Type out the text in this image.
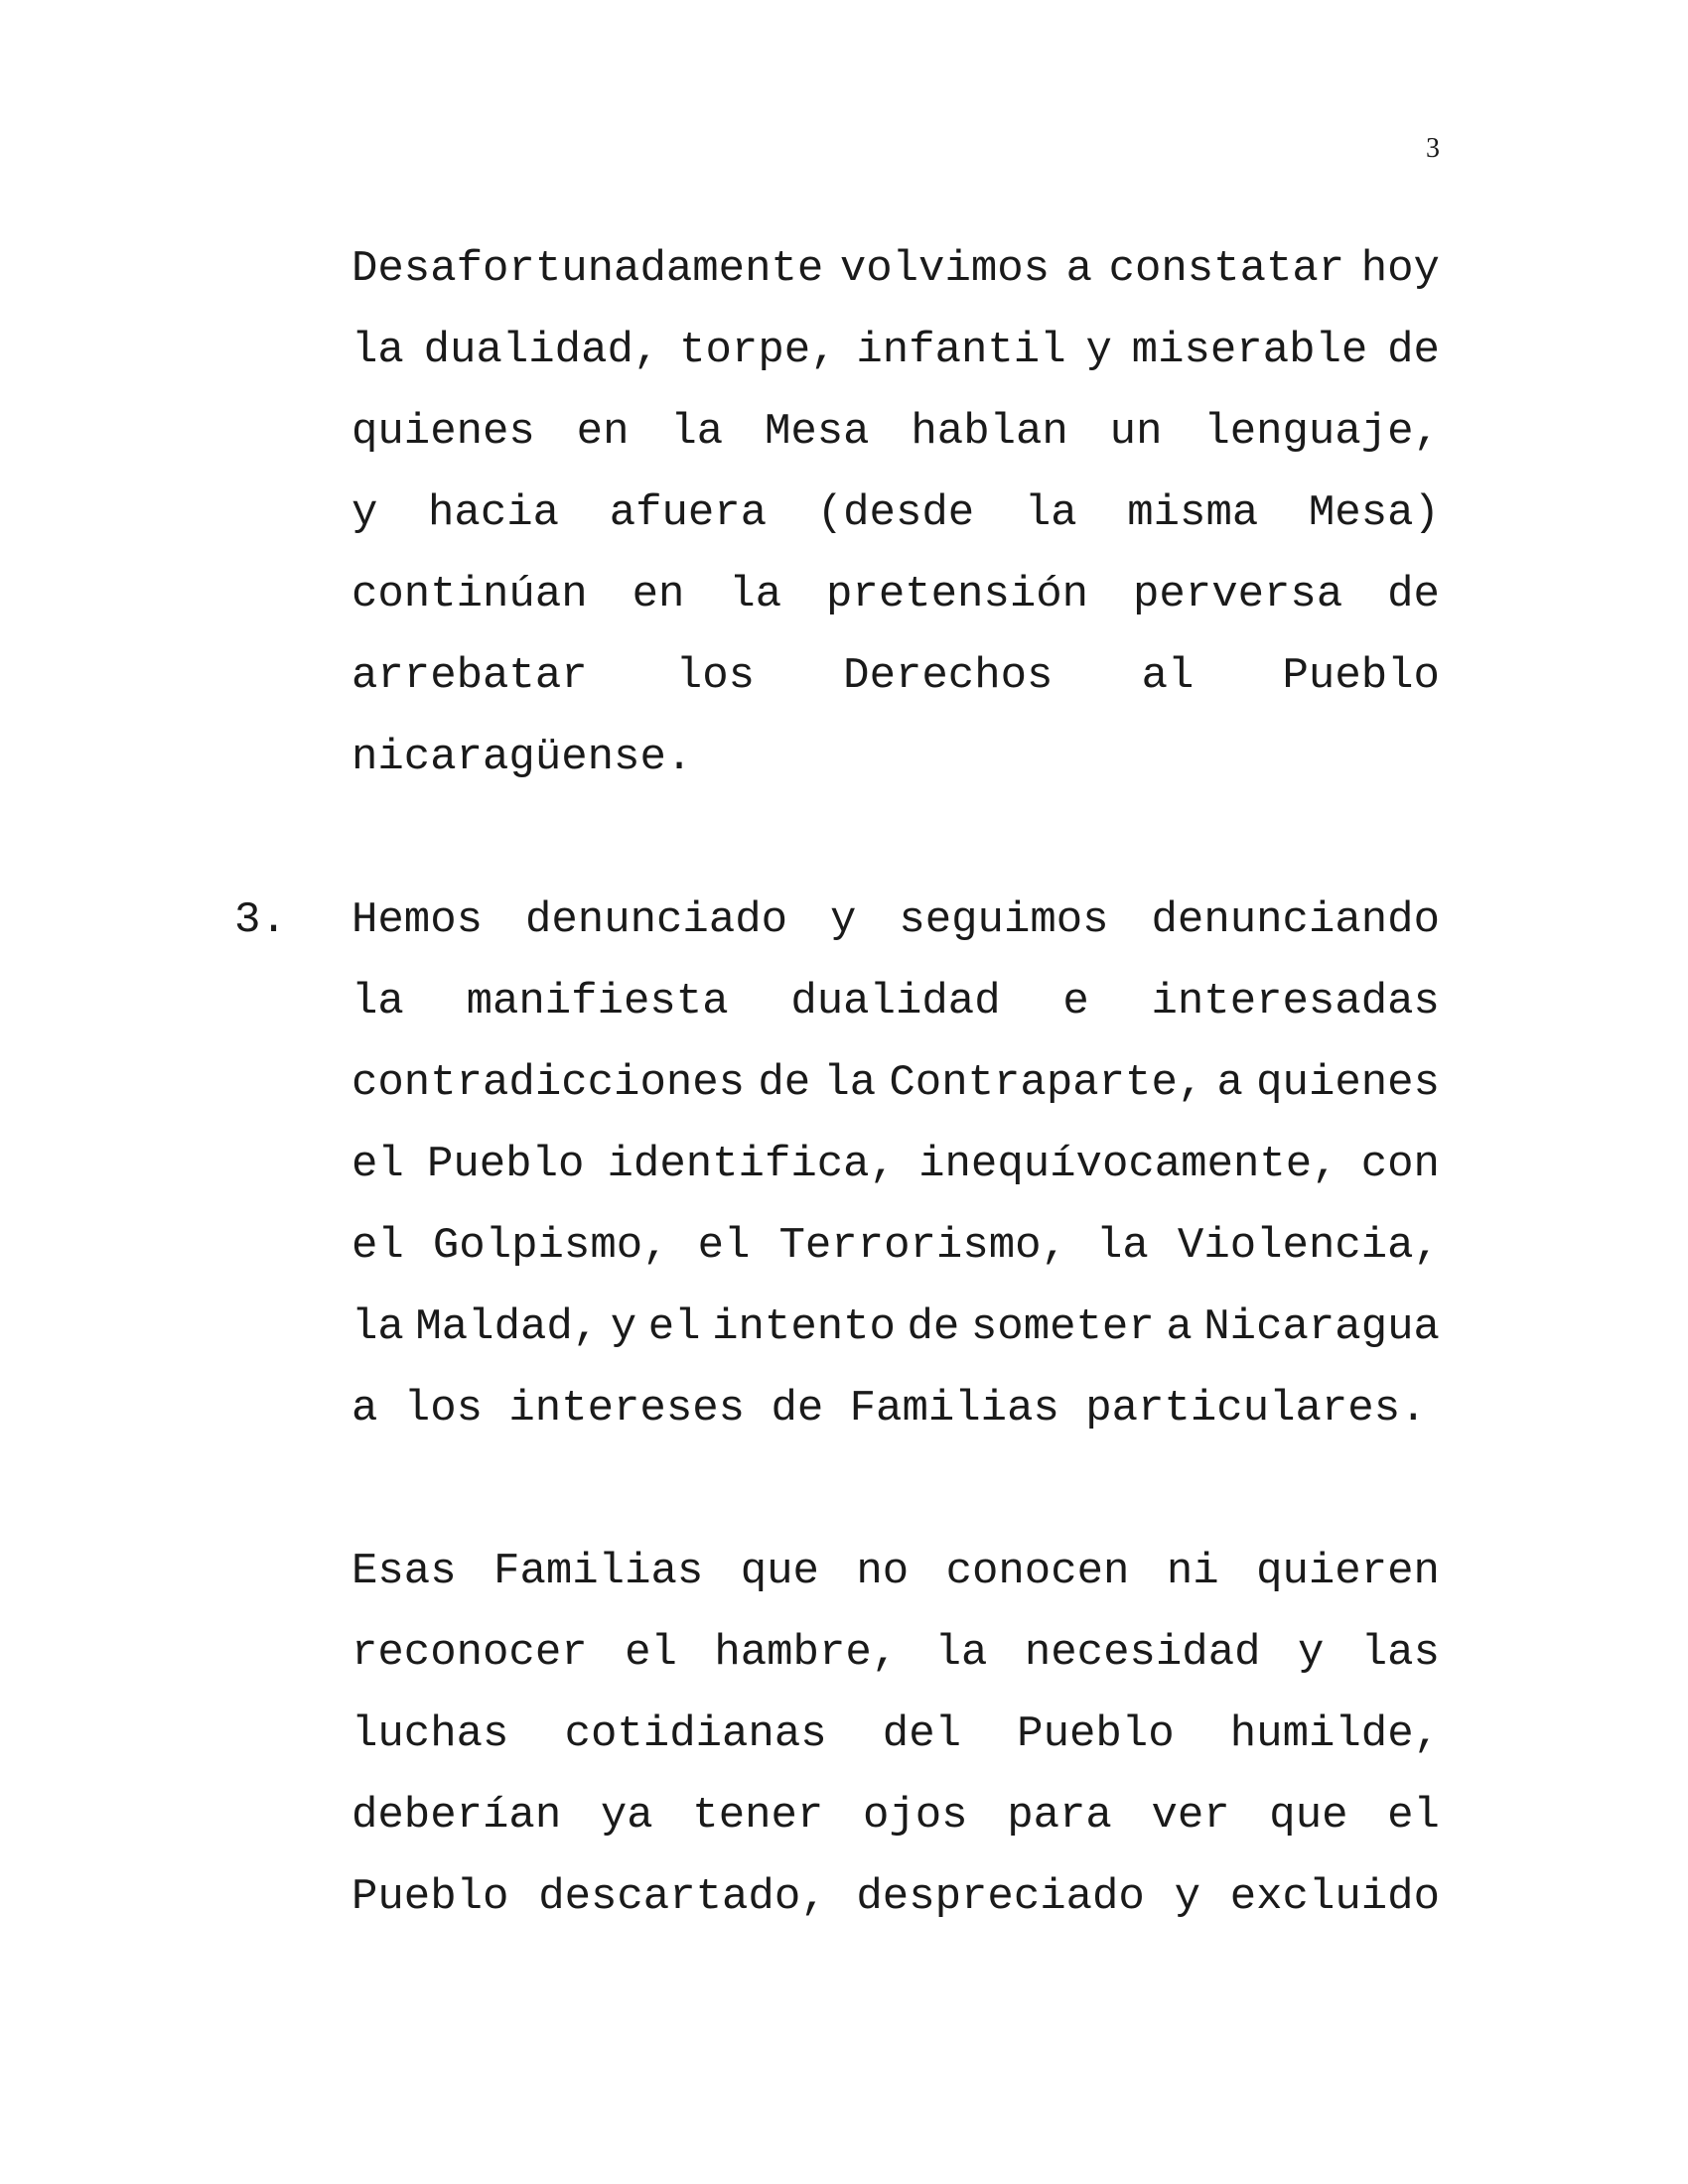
3
Desafortunadamente volvimos a constatar hoy
la dualidad, torpe, infantil y miserable de
quienes en la Mesa hablan un lenguaje,
y hacia afuera (desde la misma Mesa)
continúan en la pretensión perversa de
arrebatar los Derechos al Pueblo
nicaragüense.
3. Hemos denunciado y seguimos denunciando
la manifiesta dualidad e interesadas
contradicciones de la Contraparte, a quienes
el Pueblo identifica, inequívocamente, con
el Golpismo, el Terrorismo, la Violencia,
la Maldad, y el intento de someter a Nicaragua
a los intereses de Familias particulares.
Esas Familias que no conocen ni quieren
reconocer el hambre, la necesidad y las
luchas cotidianas del Pueblo humilde,
deberían ya tener ojos para ver que el
Pueblo descartado, despreciado y excluido
